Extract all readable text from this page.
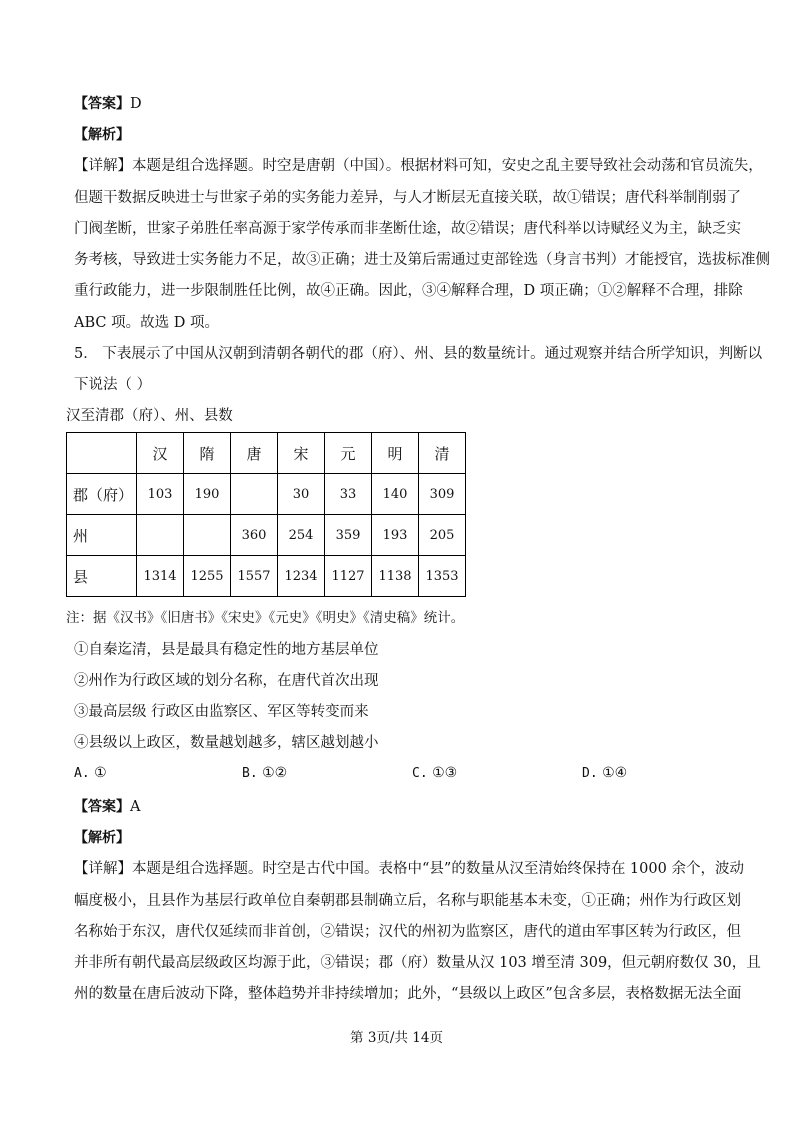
【答案】D
【解析】
【详解】本题是组合选择题。时空是唐朝（中国）。根据材料可知，安史之乱主要导致社会动荡和官员流失，
但题干数据反映进士与世家子弟的实务能力差异，与人才断层无直接关联，故①错误；唐代科举制削弱了
门阀垄断，世家子弟胜任率高源于家学传承而非垄断仕途，故②错误；唐代科举以诗赋经义为主，缺乏实
务考核，导致进士实务能力不足，故③正确；进士及第后需通过吏部铨选（身言书判）才能授官，选拔标准侧
重行政能力，进一步限制胜任比例，故④正确。因此，③④解释合理，D 项正确；①②解释不合理，排除
ABC 项。故选 D 项。
5． 下表展示了中国从汉朝到清朝各朝代的郡（府）、州、县的数量统计。通过观察并结合所学知识，判断以
下说法（ ）
汉至清郡（府）、州、县数
	汉	隋	唐	宋	元	明	清
郡（府）	103	190		30	33	140	309
州			360	254	359	193	205
县	1314	1255	1557	1234	1127	1138	1353
注：据《汉书》《旧唐书》《宋史》《元史》《明史》《清史稿》统计。
①自秦迄清，县是最具有稳定性的地方基层单位
②州作为行政区域的划分名称，在唐代首次出现
③最高层级 行政区由监察区、军区等转变而来
④县级以上政区，数量越划越多，辖区越划越小
A. ①	B. ①②	C. ①③	D. ①④
【答案】A
【解析】
【详解】本题是组合选择题。时空是古代中国。表格中“县”的数量从汉至清始终保持在 1000 余个，波动
幅度极小，且县作为基层行政单位自秦朝郡县制确立后，名称与职能基本未变，①正确；州作为行政区划
名称始于东汉，唐代仅延续而非首创，②错误；汉代的州初为监察区，唐代的道由军事区转为行政区，但
并非所有朝代最高层级政区均源于此，③错误；郡（府）数量从汉 103 增至清 309，但元朝府数仅 30，且
州的数量在唐后波动下降，整体趋势并非持续增加；此外，“县级以上政区”包含多层，表格数据无法全面
第 3页/共 14页
